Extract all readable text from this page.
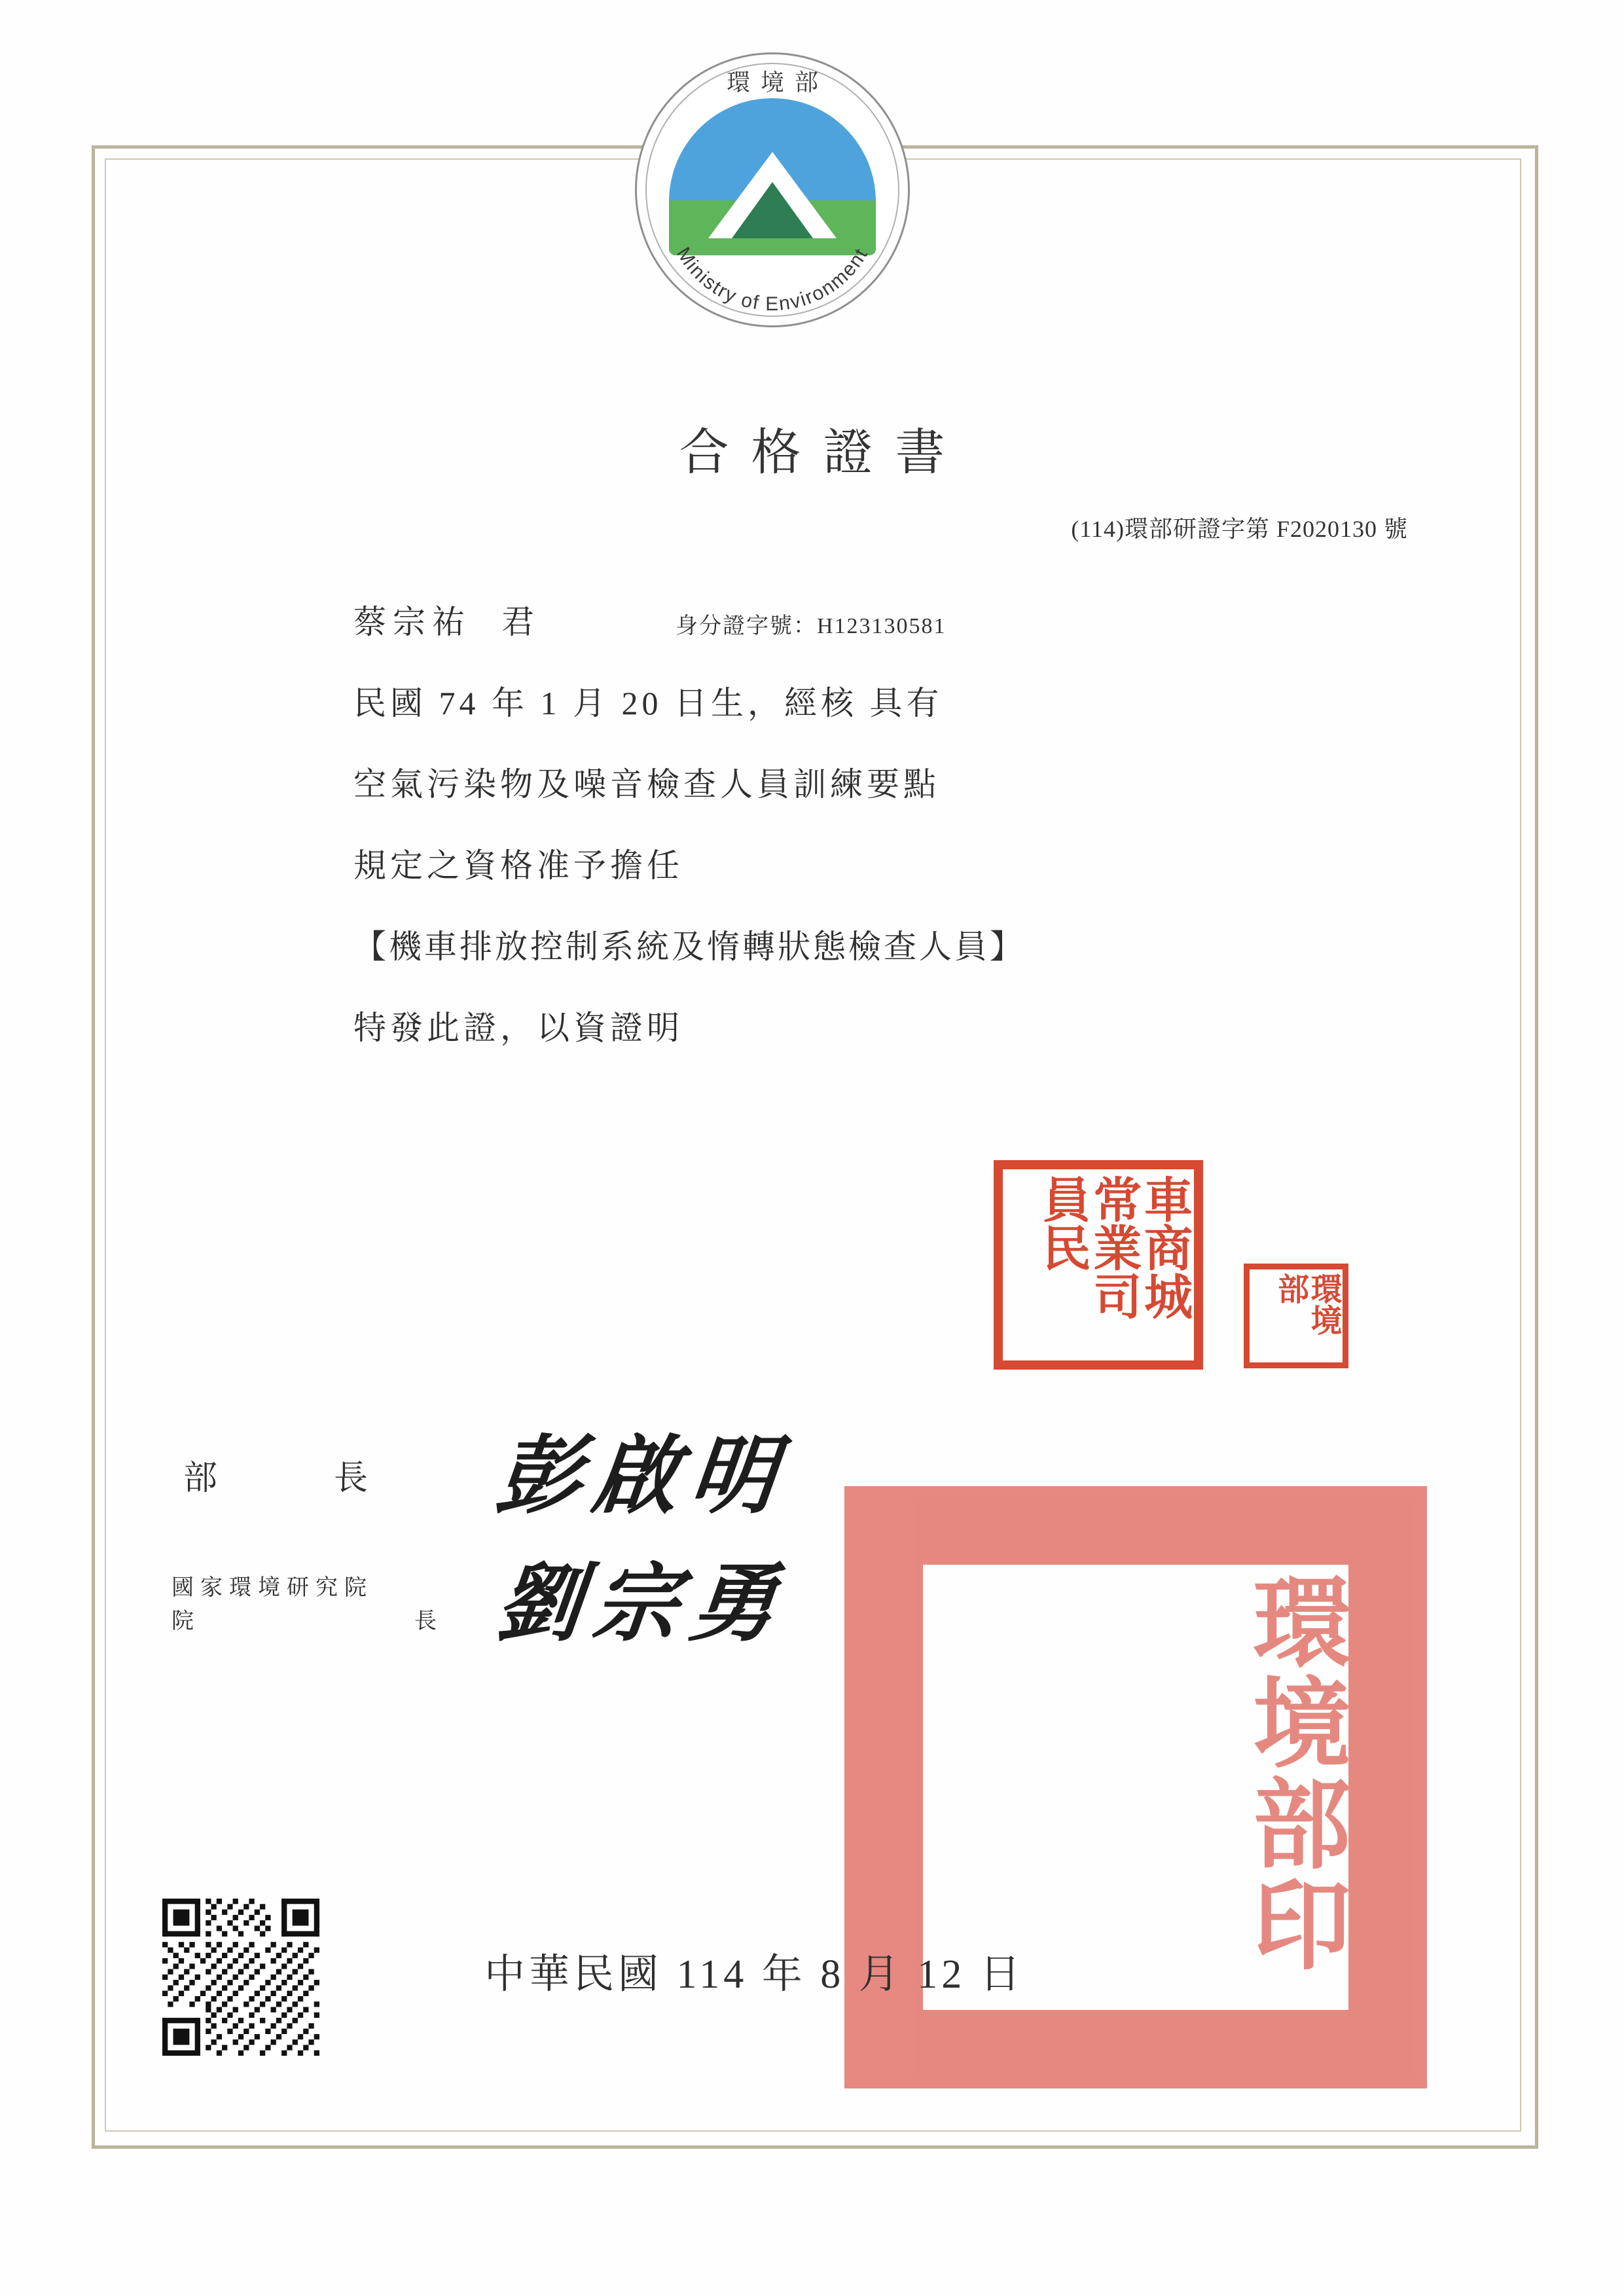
環境部
Ministry of Environment
合格證書
(114)環部研證字第 F2020130 號
蔡宗祐 君	身分證字號： H123130581
民國 74 年 1 月 20 日生，經核 具有
空氣污染物及噪音檢查人員訓練要點
規定之資格准予擔任
【機車排放控制系統及惰轉狀態檢查人員】
特發此證，以資證明
車商城常業司員民
環境部
環境部印
部	長
國家環境研究院
院	長
彭啟明
劉宗勇
中華民國 114 年 8 月 12 日
